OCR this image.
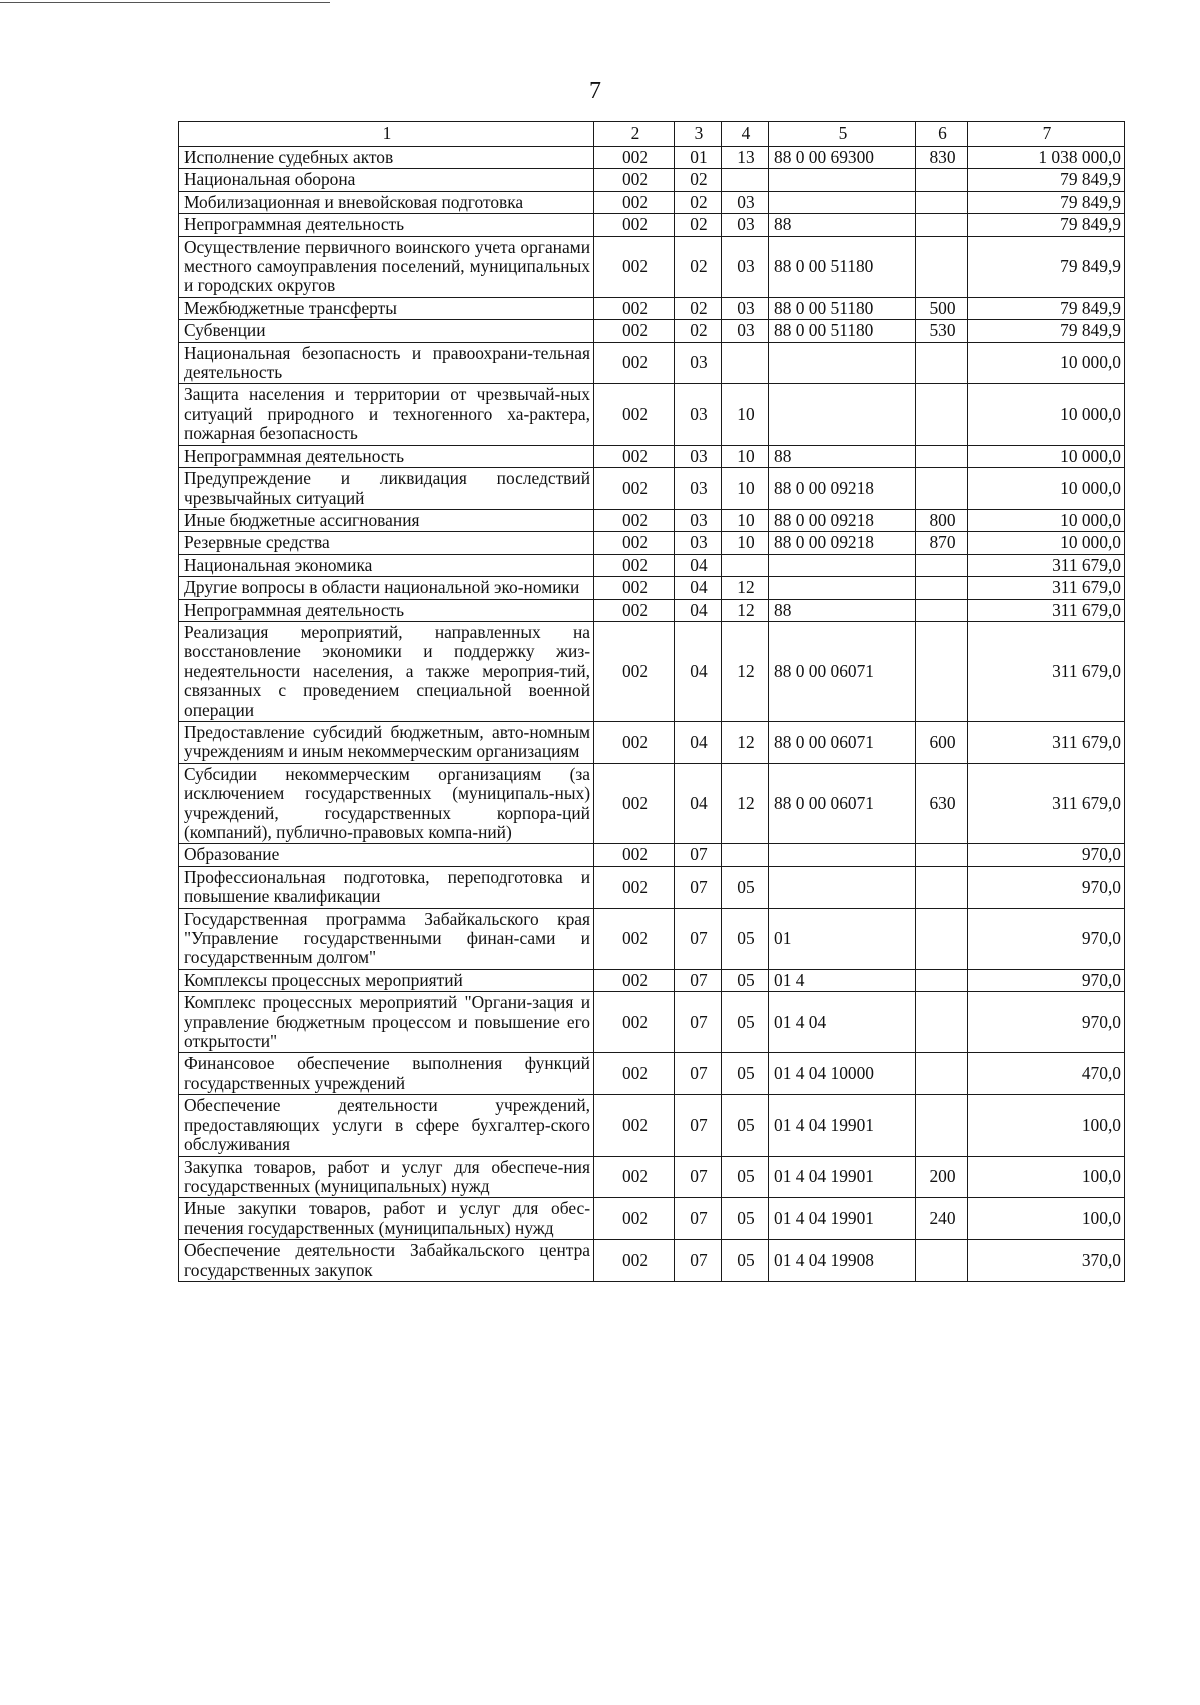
7
1	2	3	4	5	6	7
Исполнение судебных актов	002	01	13	88 0 00 69300	830	1 038 000,0
Национальная оборона	002	02				79 849,9
Мобилизационная и вневойсковая подготовка	002	02	03			79 849,9
Непрограммная деятельность	002	02	03	88		79 849,9
Осуществление первичного воинского учета органами местного самоуправления поселений, муниципальных и городских округов	002	02	03	88 0 00 51180		79 849,9
Межбюджетные трансферты	002	02	03	88 0 00 51180	500	79 849,9
Субвенции	002	02	03	88 0 00 51180	530	79 849,9
Национальная безопасность и правоохрани-тельная деятельность	002	03				10 000,0
Защита населения и территории от чрезвычай-ных ситуаций природного и техногенного ха-рактера, пожарная безопасность	002	03	10			10 000,0
Непрограммная деятельность	002	03	10	88		10 000,0
Предупреждение и ликвидация последствий чрезвычайных ситуаций	002	03	10	88 0 00 09218		10 000,0
Иные бюджетные ассигнования	002	03	10	88 0 00 09218	800	10 000,0
Резервные средства	002	03	10	88 0 00 09218	870	10 000,0
Национальная экономика	002	04				311 679,0
Другие вопросы в области национальной эко-номики	002	04	12			311 679,0
Непрограммная деятельность	002	04	12	88		311 679,0
Реализация мероприятий, направленных на восстановление экономики и поддержку жиз-недеятельности населения, а также мероприя-тий, связанных с проведением специальной военной операции	002	04	12	88 0 00 06071		311 679,0
Предоставление субсидий бюджетным, авто-номным учреждениям и иным некоммерческим организациям	002	04	12	88 0 00 06071	600	311 679,0
Субсидии некоммерческим организациям (за исключением государственных (муниципаль-ных) учреждений, государственных корпора-ций (компаний), публично-правовых компа-ний)	002	04	12	88 0 00 06071	630	311 679,0
Образование	002	07				970,0
Профессиональная подготовка, переподготовка и повышение квалификации	002	07	05			970,0
Государственная программа Забайкальского края "Управление государственными финан-сами и государственным долгом"	002	07	05	01		970,0
Комплексы процессных мероприятий	002	07	05	01 4		970,0
Комплекс процессных мероприятий "Органи-зация и управление бюджетным процессом и повышение его открытости"	002	07	05	01 4 04		970,0
Финансовое обеспечение выполнения функций государственных учреждений	002	07	05	01 4 04 10000		470,0
Обеспечение деятельности учреждений, предоставляющих услуги в сфере бухгалтер-ского обслуживания	002	07	05	01 4 04 19901		100,0
Закупка товаров, работ и услуг для обеспече-ния государственных (муниципальных) нужд	002	07	05	01 4 04 19901	200	100,0
Иные закупки товаров, работ и услуг для обес-печения государственных (муниципальных) нужд	002	07	05	01 4 04 19901	240	100,0
Обеспечение деятельности Забайкальского центра государственных закупок	002	07	05	01 4 04 19908		370,0
